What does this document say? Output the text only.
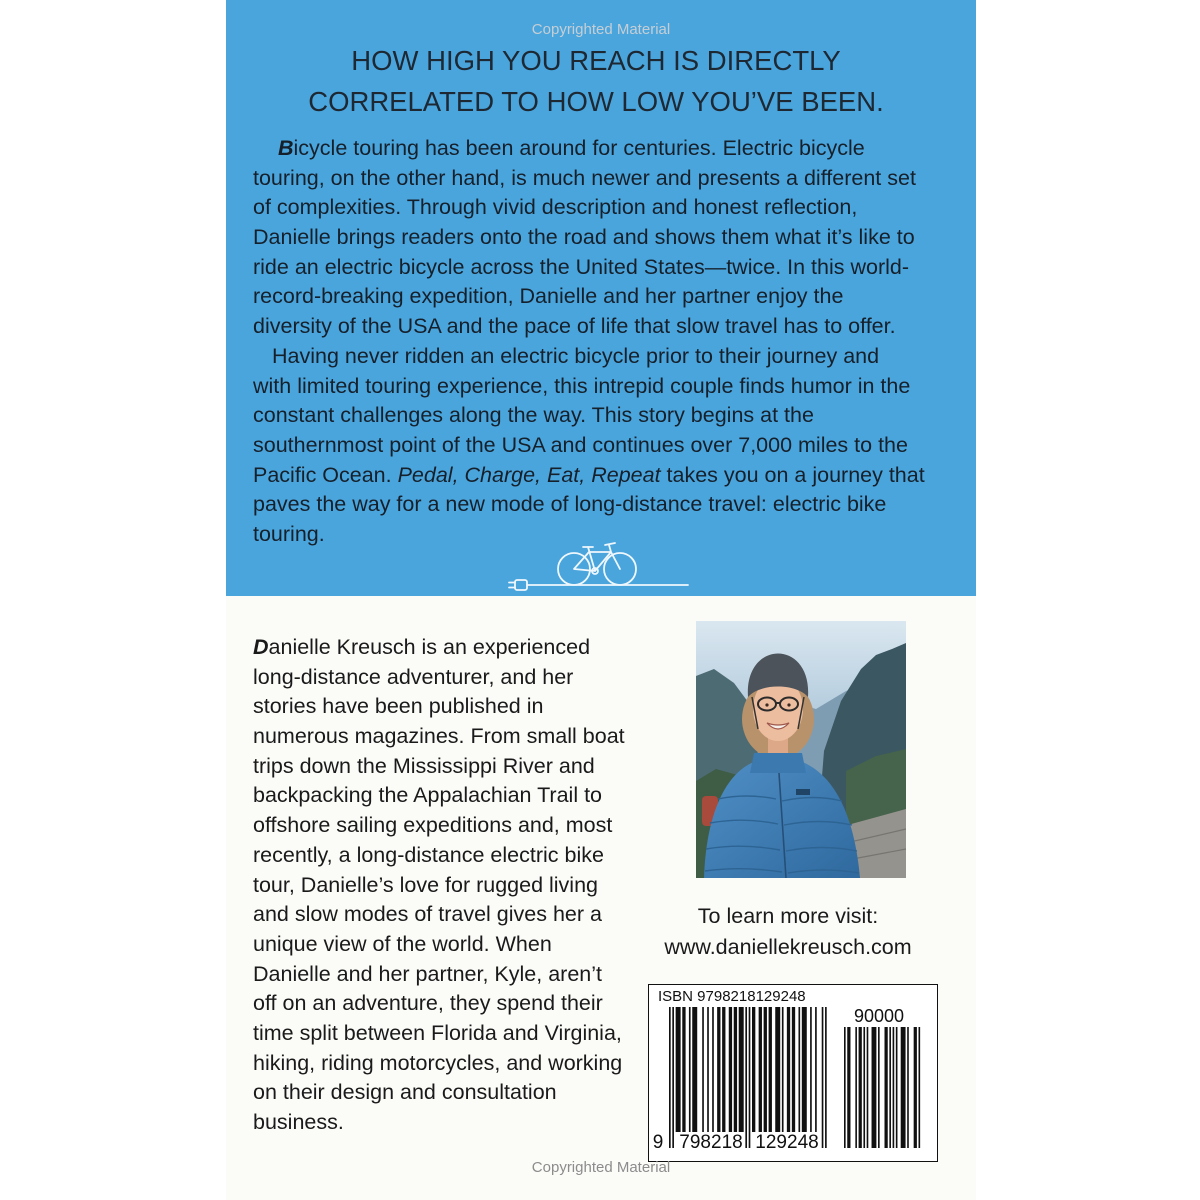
Copyrighted Material
HOW HIGH YOU REACH IS DIRECTLY
CORRELATED TO HOW LOW YOU’VE BEEN.
Bicycle touring has been around for centuries. Electric bicycle
touring, on the other hand, is much newer and presents a different set
of complexities. Through vivid description and honest reflection,
Danielle brings readers onto the road and shows them what it’s like to
ride an electric bicycle across the United States—twice. In this world-
record-breaking expedition, Danielle and her partner enjoy the
diversity of the USA and the pace of life that slow travel has to offer.
Having never ridden an electric bicycle prior to their journey and
with limited touring experience, this intrepid couple finds humor in the
constant challenges along the way. This story begins at the
southernmost point of the USA and continues over 7,000 miles to the
Pacific Ocean. Pedal, Charge, Eat, Repeat takes you on a journey that
paves the way for a new mode of long-distance travel: electric bike
touring.
Danielle Kreusch is an experienced
long-distance adventurer, and her
stories have been published in
numerous magazines. From small boat
trips down the Mississippi River and
backpacking the Appalachian Trail to
offshore sailing expeditions and, most
recently, a long-distance electric bike
tour, Danielle’s love for rugged living
and slow modes of travel gives her a
unique view of the world. When
Danielle and her partner, Kyle, aren’t
off on an adventure, they spend their
time split between Florida and Virginia,
hiking, riding motorcycles, and working
on their design and consultation
business.
To learn more visit:
www.daniellekreusch.com
ISBN 9798218129248
90000
9 798218 129248
Copyrighted Material
